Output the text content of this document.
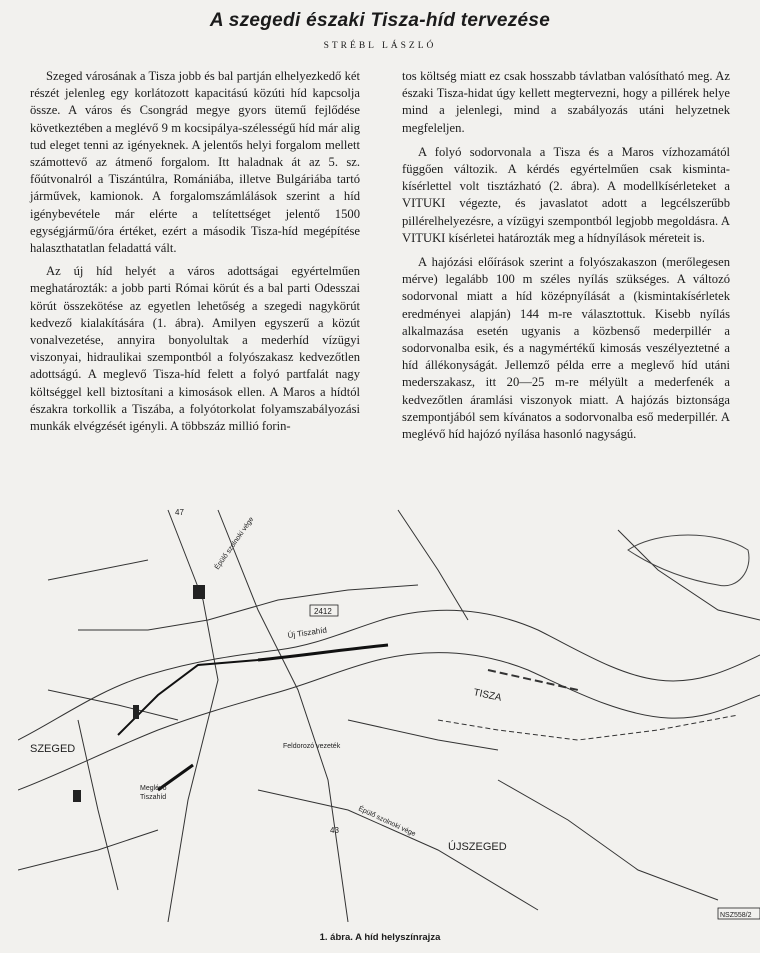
A szegedi északi Tisza-híd tervezése
STRÉBL LÁSZLÓ

Szeged városának a Tisza jobb és bal partján elhelyezkedő két részét jelenleg egy korlátozott kapacitású közúti híd kapcsolja össze. A város és Csongrád megye gyors ütemű fejlődése következtében a meglévő 9 m kocsipálya-szélességű híd már alig tud eleget tenni az igényeknek. A jelentős helyi forgalom mellett számottevő az átmenő forgalom. Itt haladnak át az 5. sz. főútvonalról a Tiszántúlra, Romániába, illetve Bulgáriába tartó járművek, kamionok. A forgalomszámlálások szerint a híd igénybevétele már elérte a telítettséget jelentő 1500 egységjármű/óra értéket, ezért a második Tisza-híd megépítése halaszthatatlan feladattá vált.

Az új híd helyét a város adottságai egyértelműen meghatározták: a jobb parti Római körút és a bal parti Odesszai körút összekötése az egyetlen lehetőség a szegedi nagykörút kedvező kialakítására (1. ábra). Amilyen egyszerű a közút vonalvezetése, annyira bonyolultak a mederhíd vízügyi viszonyai, hidraulikai szempontból a folyószakasz kedvezőtlen adottságú. A meglevő Tisza-híd felett a folyó partfalát nagy költséggel kell biztosítani a kimosások ellen. A Maros a hídtól északra torkollik a Tiszába, a folyótorkolat folyamszabályozási munkák elvégzését igényli. A többszáz millió forin-

tos költség miatt ez csak hosszabb távlatban valósítható meg. Az északi Tisza-hidat úgy kellett megtervezni, hogy a pillérek helye mind a jelenlegi, mind a szabályozás utáni helyzetnek megfeleljen.

A folyó sodorvonala a Tisza és a Maros vízhozamától függően változik. A kérdés egyértelműen csak kisminta-kísérlettel volt tisztázható (2. ábra). A modellkísérleteket a VITUKI végezte, és javaslatot adott a legcélszerűbb pillérelhelyezésre, a vízügyi szempontból legjobb megoldásra. A VITUKI kísérletei határozták meg a hídnyílások méreteit is.

A hajózási előírások szerint a folyószakaszon (merőlegesen mérve) legalább 100 m széles nyílás szükséges. A változó sodorvonal miatt a híd középnyílását a (kismintakísérletek eredményei alapján) 144 m-re választottuk. Kisebb nyílás alkalmazása esetén ugyanis a közbenső mederpillér a sodorvonalba esik, és a nagymértékű kimosás veszélyeztetné a híd állékonyságát. Jellemző példa erre a meglevő híd utáni mederszakasz, itt 20—25 m-re mélyült a mederfenék a kedvezőtlen áramlási viszonyok miatt. A hajózás biztonsága szempontjából sem kívánatos a sodorvonalba eső mederpillér. A meglévő híd hajózó nyílása hasonló nagyságú.

SZEGED
ÚJSZEGED
TISZA
Új Tiszahíd
Meglévő
Tiszahíd
Feldorozó vezeték
47
43
2412
Épülő szolnoki vége
Épülő szolnoki vége
NSZ558/2
1. ábra. A híd helyszínrajza
